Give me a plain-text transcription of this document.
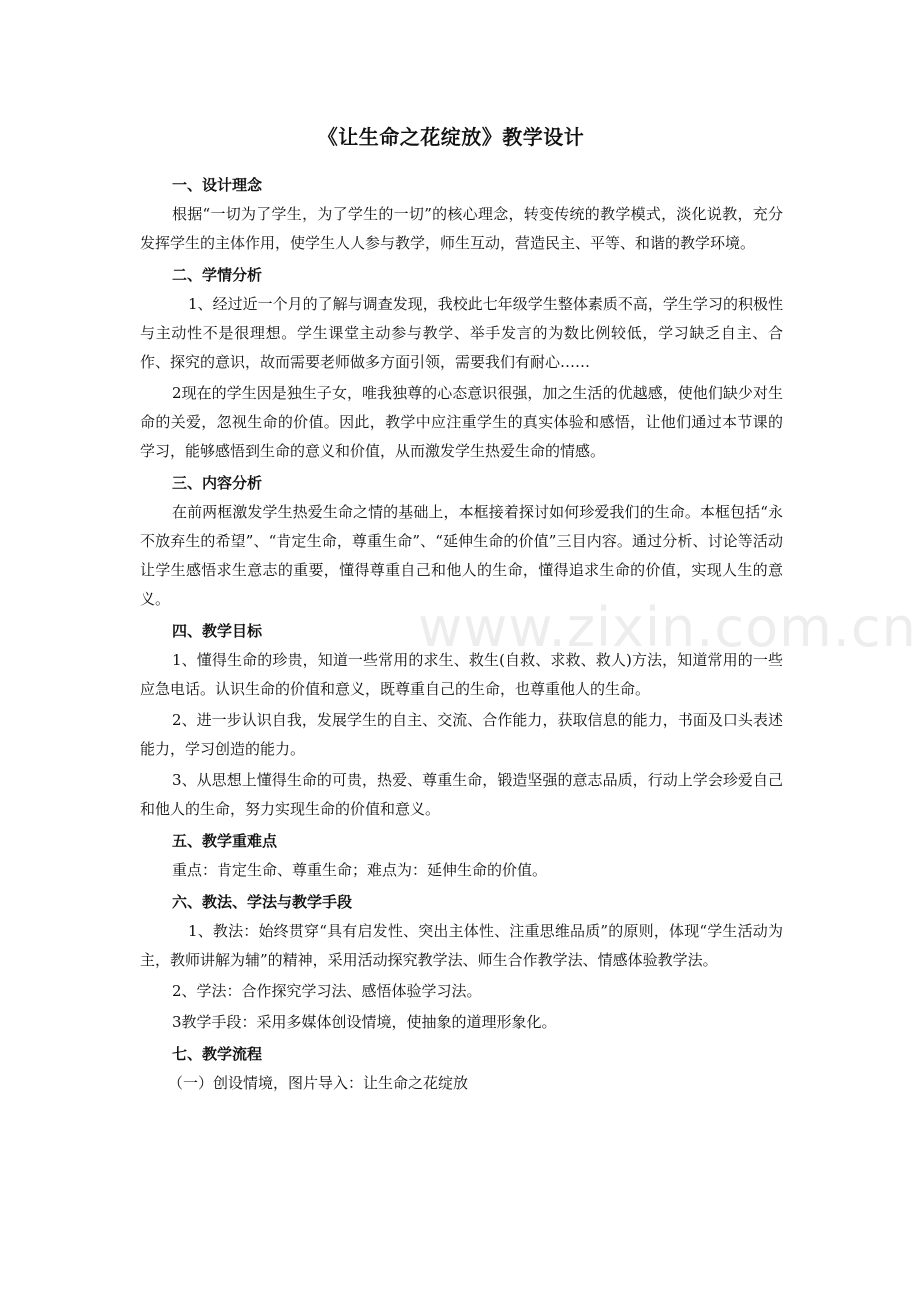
《让生命之花绽放》教学设计
www.zixin.com.cn
一、设计理念

根据“一切为了学生，为了学生的一切”的核心理念，转变传统的教学模式，淡化说教，充分发挥学生的主体作用，使学生人人参与教学，师生互动，营造民主、平等、和谐的教学环境。

二、学情分析

1、经过近一个月的了解与调查发现，我校此七年级学生整体素质不高，学生学习的积极性与主动性不是很理想。学生课堂主动参与教学、举手发言的为数比例较低，学习缺乏自主、合作、探究的意识，故而需要老师做多方面引领，需要我们有耐心……

2现在的学生因是独生子女，唯我独尊的心态意识很强，加之生活的优越感，使他们缺少对生命的关爱，忽视生命的价值。因此，教学中应注重学生的真实体验和感悟，让他们通过本节课的学习，能够感悟到生命的意义和价值，从而激发学生热爱生命的情感。

三、内容分析

在前两框激发学生热爱生命之情的基础上，本框接着探讨如何珍爱我们的生命。本框包括“永不放弃生的希望”、“肯定生命，尊重生命”、“延伸生命的价值”三目内容。通过分析、讨论等活动让学生感悟求生意志的重要，懂得尊重自己和他人的生命，懂得追求生命的价值，实现人生的意义。

四、教学目标

1、懂得生命的珍贵，知道一些常用的求生、救生(自救、求救、救人)方法，知道常用的一些应急电话。认识生命的价值和意义，既尊重自己的生命，也尊重他人的生命。

2、进一步认识自我，发展学生的自主、交流、合作能力，获取信息的能力，书面及口头表述能力，学习创造的能力。

3、从思想上懂得生命的可贵，热爱、尊重生命，锻造坚强的意志品质，行动上学会珍爱自己和他人的生命，努力实现生命的价值和意义。

五、教学重难点

重点：肯定生命、尊重生命；难点为：延伸生命的价值。

六、教法、学法与教学手段

1、教法：始终贯穿“具有启发性、突出主体性、注重思维品质”的原则，体现“学生活动为主，教师讲解为辅”的精神，采用活动探究教学法、师生合作教学法、情感体验教学法。

2、学法：合作探究学习法、感悟体验学习法。

3教学手段：采用多媒体创设情境，使抽象的道理形象化。

七、教学流程

（一）创设情境，图片导入：让生命之花绽放
